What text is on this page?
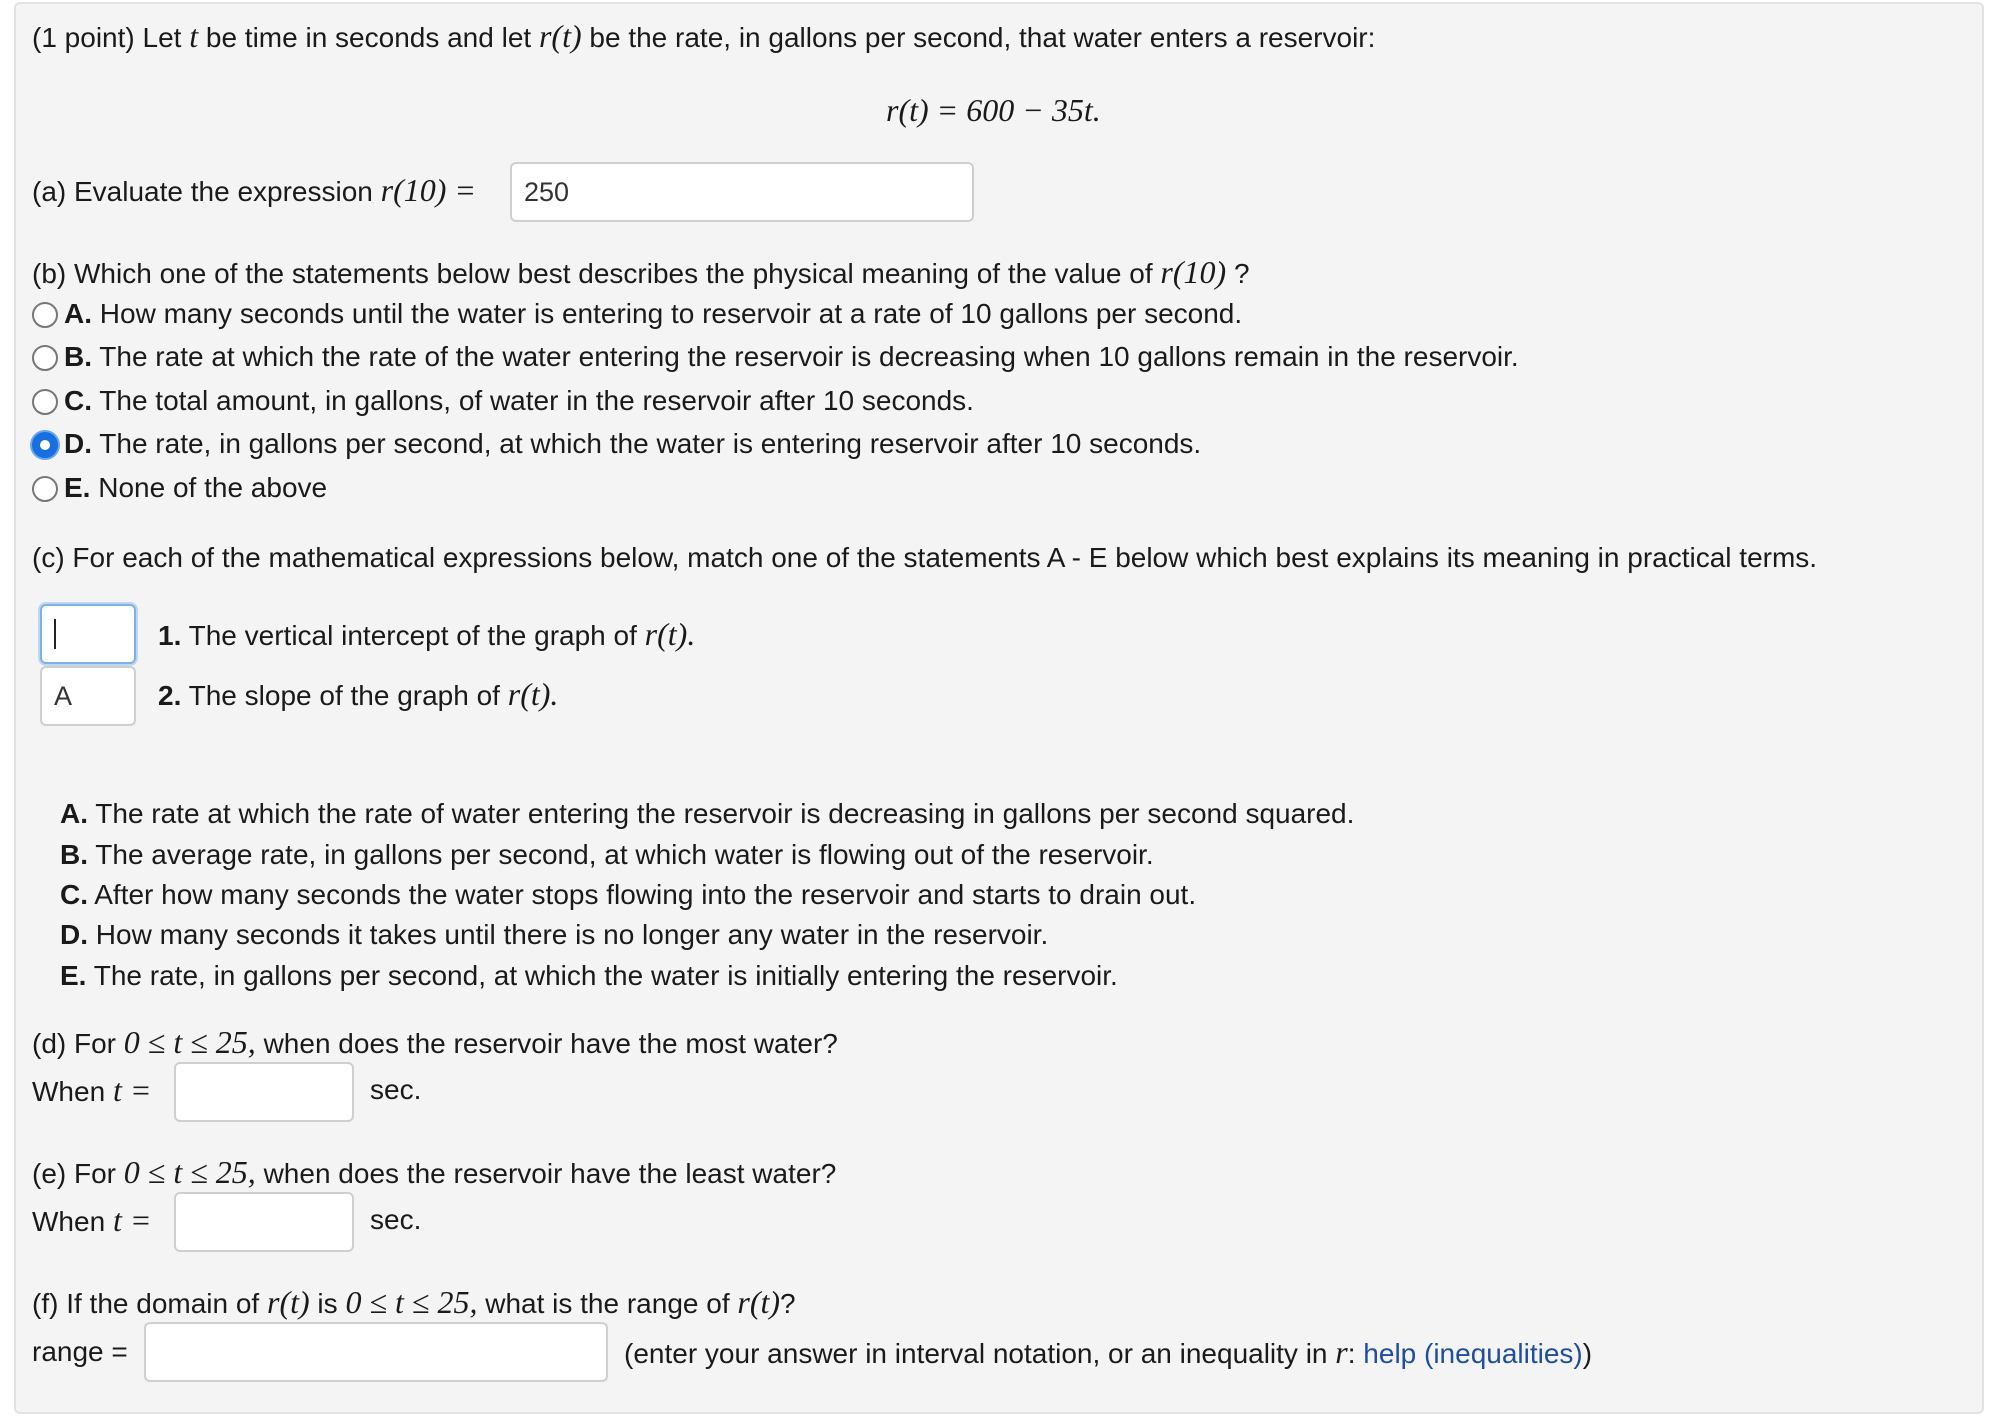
(1 point) Let t be time in seconds and let r(t) be the rate, in gallons per second, that water enters a reservoir:
r(t) = 600 − 35t.
(a) Evaluate the expression r(10) = 250
(b) Which one of the statements below best describes the physical meaning of the value of r(10) ?
A. How many seconds until the water is entering to reservoir at a rate of 10 gallons per second.
B. The rate at which the rate of the water entering the reservoir is decreasing when 10 gallons remain in the reservoir.
C. The total amount, in gallons, of water in the reservoir after 10 seconds.
D. The rate, in gallons per second, at which the water is entering reservoir after 10 seconds.
E. None of the above
(c) For each of the mathematical expressions below, match one of the statements A - E below which best explains its meaning in practical terms.
1. The vertical intercept of the graph of r(t).
A	2. The slope of the graph of r(t).
A. The rate at which the rate of water entering the reservoir is decreasing in gallons per second squared.
B. The average rate, in gallons per second, at which water is flowing out of the reservoir.
C. After how many seconds the water stops flowing into the reservoir and starts to drain out.
D. How many seconds it takes until there is no longer any water in the reservoir.
E. The rate, in gallons per second, at which the water is initially entering the reservoir.
(d) For 0 ≤ t ≤ 25, when does the reservoir have the most water?
When t =	sec.
(e) For 0 ≤ t ≤ 25, when does the reservoir have the least water?
When t =	sec.
(f) If the domain of r(t) is 0 ≤ t ≤ 25, what is the range of r(t)?
range =	(enter your answer in interval notation, or an inequality in r: help (inequalities))
